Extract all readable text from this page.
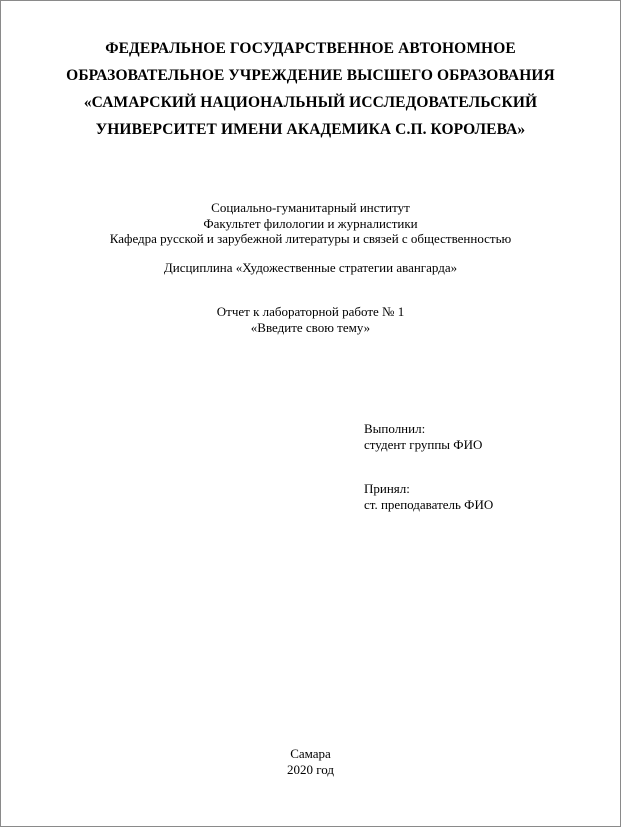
ФЕДЕРАЛЬНОЕ ГОСУДАРСТВЕННОЕ АВТОНОМНОЕ
ОБРАЗОВАТЕЛЬНОЕ УЧРЕЖДЕНИЕ ВЫСШЕГО ОБРАЗОВАНИЯ
«САМАРСКИЙ НАЦИОНАЛЬНЫЙ ИССЛЕДОВАТЕЛЬСКИЙ
УНИВЕРСИТЕТ ИМЕНИ АКАДЕМИКА С.П. КОРОЛЕВА»
Социально-гуманитарный институт
Факультет филологии и журналистики
Кафедра русской и зарубежной литературы и связей с общественностью
Дисциплина «Художественные стратегии авангарда»
Отчет к лабораторной работе № 1
«Введите свою тему»
Выполнил:
студент группы ФИО
Принял:
ст. преподаватель ФИО
Самара
2020 год
